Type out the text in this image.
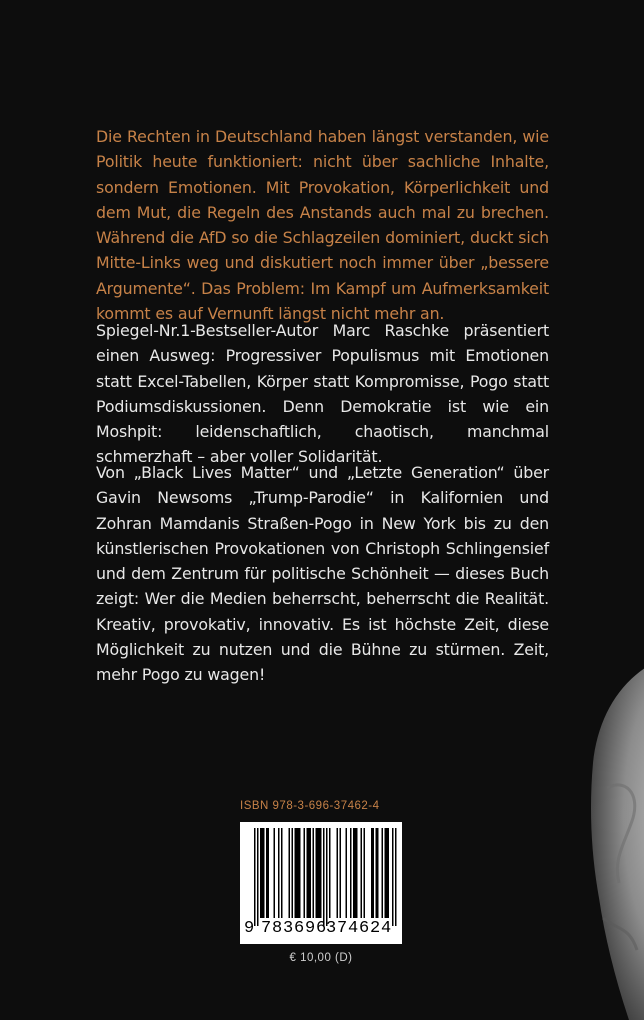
Die Rechten in Deutschland haben längst verstanden, wie Politik heute funktioniert: nicht über sachliche Inhalte, sondern Emotionen. Mit Provokation, Körperlichkeit und dem Mut, die Regeln des Anstands auch mal zu brechen. Während die AfD so die Schlagzeilen dominiert, duckt sich Mitte-Links weg und diskutiert noch immer über „bessere Argumente“. Das Problem: Im Kampf um Aufmerksamkeit kommt es auf Vernunft längst nicht mehr an.

Spiegel-Nr.1-Bestseller-Autor Marc Raschke präsentiert einen Ausweg: Progressiver Populismus mit Emotionen statt Excel-Tabellen, Körper statt Kompromisse, Pogo statt Podiumsdiskussionen. Denn Demokratie ist wie ein Moshpit: leidenschaftlich, chaotisch, manchmal schmerzhaft – aber voller Solidarität.

Von „Black Lives Matter“ und „Letzte Generation“ über Gavin Newsoms „Trump-Parodie“ in Kalifornien und Zohran Mamdanis Straßen-Pogo in New York bis zu den künstlerischen Provokationen von Christoph Schlingensief und dem Zentrum für politische Schönheit — dieses Buch zeigt: Wer die Medien beherrscht, beherrscht die Realität. Kreativ, provokativ, innovativ. Es ist höchste Zeit, diese Möglichkeit zu nutzen und die Bühne zu stürmen. Zeit, mehr Pogo zu wagen!

ISBN 978-3-696-37462-4
9 783696
374624
€ 10,00 (D)
